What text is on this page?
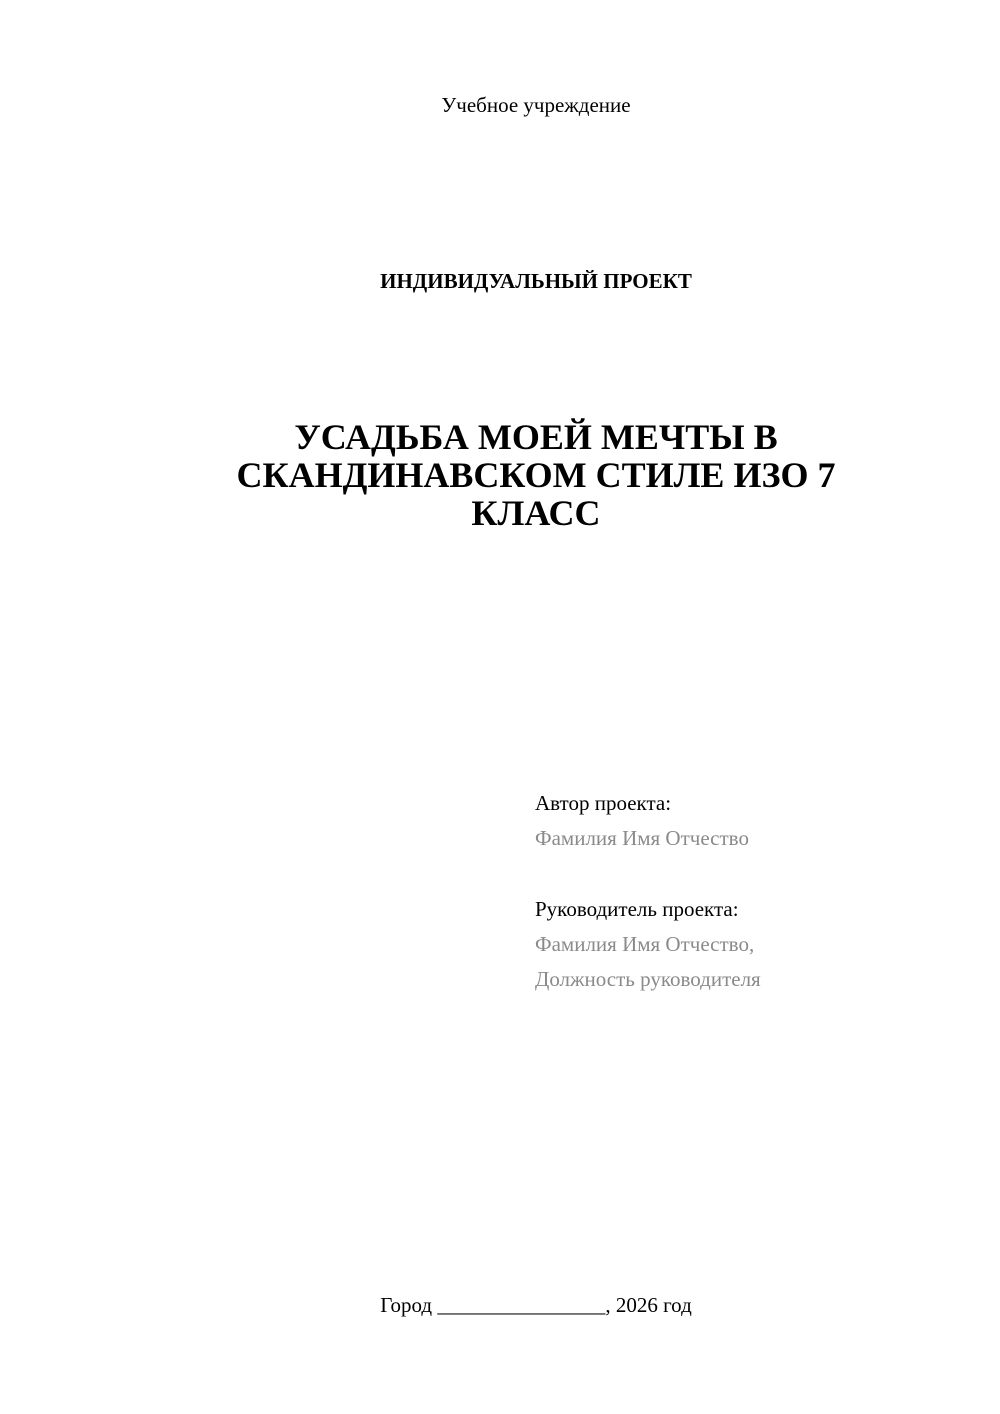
Учебное учреждение
ИНДИВИДУАЛЬНЫЙ ПРОЕКТ
УСАДЬБА МОЕЙ МЕЧТЫ В
СКАНДИНАВСКОМ СТИЛЕ ИЗО 7
КЛАСС
Автор проекта:
Фамилия Имя Отчество
Руководитель проекта:
Фамилия Имя Отчество,
Должность руководителя
Город ________________, 2026 год
